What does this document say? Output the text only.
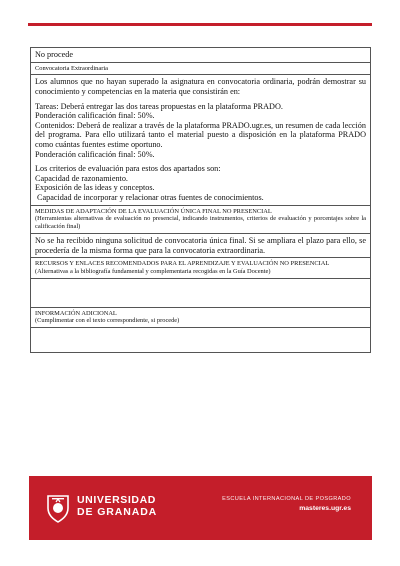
No procede
Convocatoria Extraordinaria
Los alumnos que no hayan superado la asignatura en convocatoria ordinaria, podrán demostrar su conocimiento y competencias en la materia que consistirán en:
Tareas: Deberá entregar las dos tareas propuestas en la plataforma PRADO.
Ponderación calificación final: 50%.
Contenidos: Deberá de realizar a través de la plataforma PRADO.ugr.es, un resumen de cada lección del programa. Para ello utilizará tanto el material puesto a disposición en la plataforma PRADO como cuántas fuentes estime oportuno.
Ponderación calificación final: 50%.
Los criterios de evaluación para estos dos apartados son:
Capacidad de razonamiento.
Exposición de las ideas y conceptos.
Capacidad de incorporar y relacionar otras fuentes de conocimientos.
MEDIDAS DE ADAPTACIÓN DE LA EVALUACIÓN ÚNICA FINAL NO PRESENCIAL
(Herramientas alternativas de evaluación no presencial, indicando instrumentos, criterios de evaluación y porcentajes sobre la calificación final)
No se ha recibido ninguna solicitud de convocatoria única final. Si se ampliara el plazo para ello, se procedería de la misma forma que para la convocatoria extraordinaria.
RECURSOS Y ENLACES RECOMENDADOS PARA EL APRENDIZAJE Y EVALUACIÓN NO PRESENCIAL
(Alternativas a la bibliografía fundamental y complementaria recogidas en la Guía Docente)
INFORMACIÓN ADICIONAL
(Cumplimentar con el texto correspondiente, si procede)
UNIVERSIDAD
DE GRANADA
ESCUELA INTERNACIONAL DE POSGRADO
masteres.ugr.es
